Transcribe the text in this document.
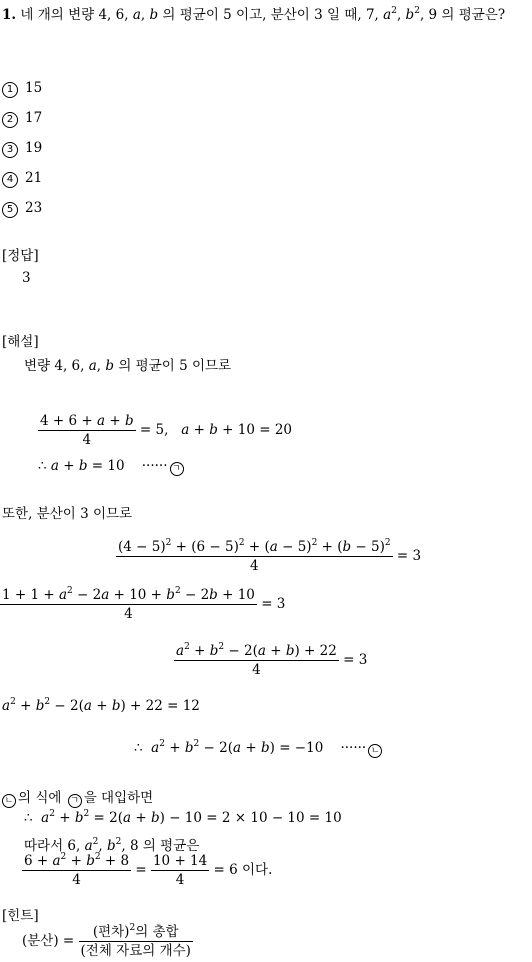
1. 네 개의 변량 4, 6, a, b 의 평균이 5 이고, 분산이 3 일 때, 7, $a^2$, $b^2$, 9 의 평균은?
1 15
2 17
3 19
4 21
5 23
[정답]
3
[해설]
변량 4, 6, a, b 의 평균이 5 이므로
$\frac{4 + 6 + a + b}{4} = 5$,   a + b + 10 = 20
∴ a + b = 10    ······ ㄱ
또한, 분산이 3 이므로
$\frac{(4 - 5)^2 + (6 - 5)^2 + (a - 5)^2 + (b - 5)^2}{4} = 3$
$\frac{1 + 1 + a^2 - 2a + 10 + b^2 - 2b + 10}{4} = 3$
$\frac{a^2 + b^2 - 2(a + b) + 22}{4} = 3$
$a^2 + b^2 - 2(a + b) + 22 = 12$
∴  $a^2 + b^2 - 2(a + b) = -10$    ······ ㄴ
ㄴ 의 식에 ㄱ 을 대입하면
∴  $a^2 + b^2 = 2(a + b) - 10 = 2 \times 10 - 10 = 10$
따라서 6, $a^2$, $b^2$, 8 의 평균은
$\frac{6 + a^2 + b^2 + 8}{4} = \frac{10 + 14}{4} = 6$ 이다.
[힌트]
(분산) = $\frac{(편차)^2의 총합}{\text{(전체 자료의 개수)}}$
